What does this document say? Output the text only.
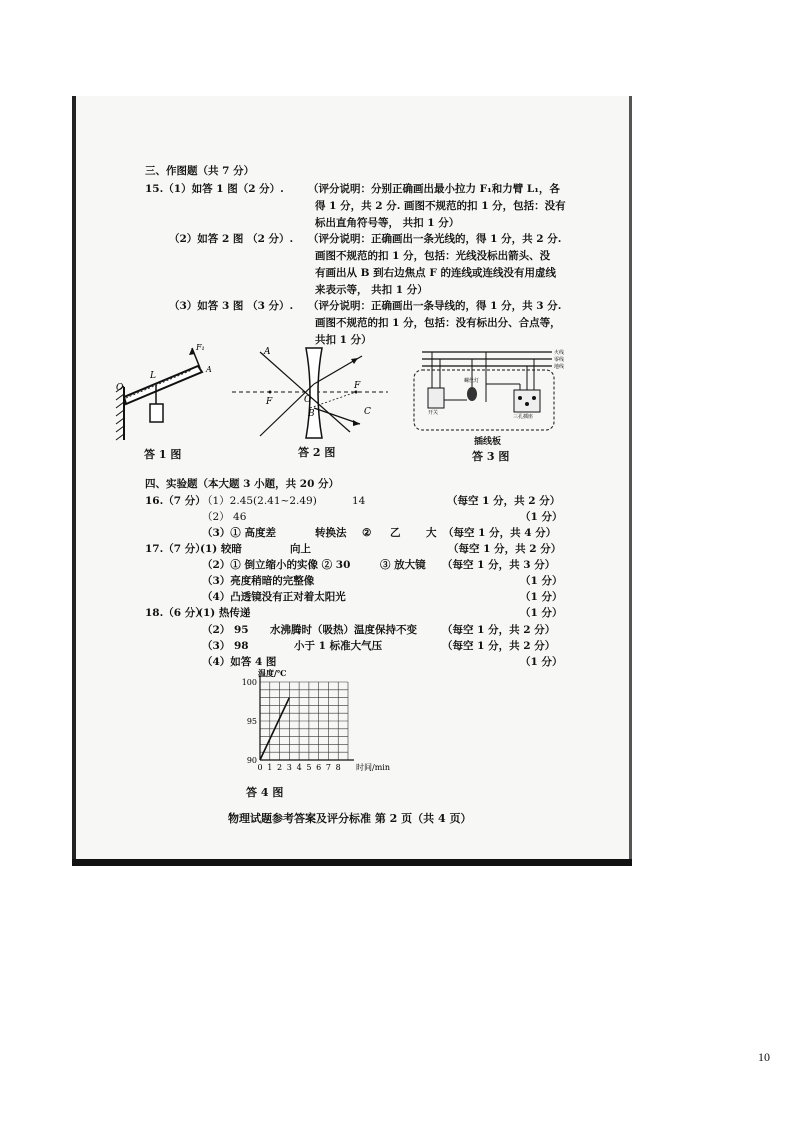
三、作图题（共 7 分）
15.（1）如答 1 图（2 分）. （评分说明：分别正确画出最小拉力 F₁和力臂 L₁，各
得 1 分，共 2 分. 画图不规范的扣 1 分，包括：没有
标出直角符号等， 共扣 1 分）
（2）如答 2 图 （2 分）. （评分说明：正确画出一条光线的，得 1 分，共 2 分.
画图不规范的扣 1 分，包括：光线没标出箭头、没
有画出从 B 到右边焦点 F 的连线或连线没有用虚线
来表示等， 共扣 1 分）
（3）如答 3 图 （3 分）. （评分说明：正确画出一条导线的，得 1 分，共 3 分.
画图不规范的扣 1 分，包括：没有标出分、合点等，
共扣 1 分）
O
L
F₁
A
答 1 图
A
B	C
O
F
F
答 2 图
火线
零线
地线
螺丝灯
开关
三孔插座
插线板
答 3 图
四、实验题（本大题 3 小题，共 20 分）
16.（7 分）
（1）2.45(2.41~2.49)	14	（每空 1 分，共 2 分）
（2） 46	（1 分）
（3）① 高度差	转换法 ② 乙 大 （每空 1 分，共 4 分）
17.（7 分）
(1) 较暗	向上	（每空 1 分，共 2 分）
（2）① 倒立缩小的实像 ② 30	③ 放大镜 （每空 1 分，共 3 分）
（3）亮度稍暗的完整像	（1 分）
（4）凸透镜没有正对着太阳光	（1 分）
18.（6 分）
(1) 热传递	（1 分）
（2） 95 水沸腾时（吸热）温度保持不变 （每空 1 分，共 2 分）
（3） 98	小于 1 标准大气压	（每空 1 分，共 2 分）
（4）如答 4 图	（1 分）
温度/℃
90
95
100
0 1 2 3 4 5 6 7 8 时间/min
答 4 图
物理试题参考答案及评分标准 第 2 页（共 4 页）
10
